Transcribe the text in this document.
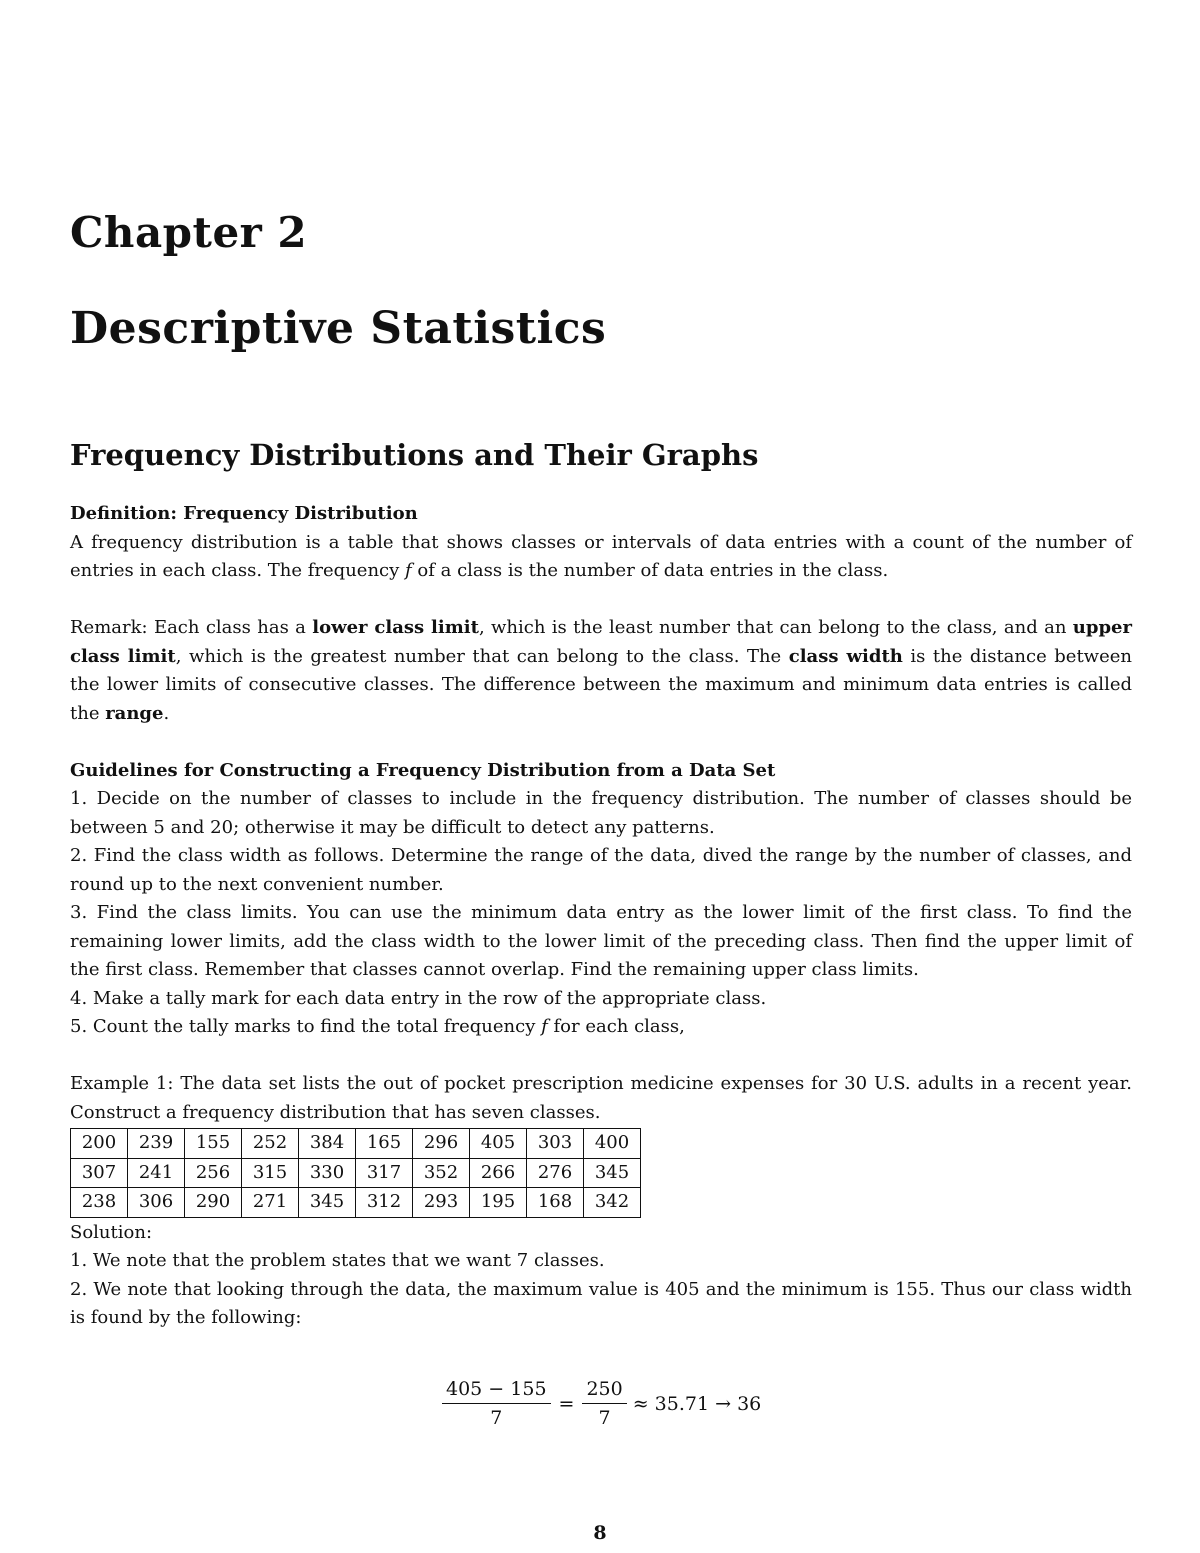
Chapter 2
Descriptive Statistics
Frequency Distributions and Their Graphs

Definition: Frequency Distribution

A frequency distribution is a table that shows classes or intervals of data entries with a count of the number of entries in each class. The frequency f of a class is the number of data entries in the class.

Remark: Each class has a lower class limit, which is the least number that can belong to the class, and an upper class limit, which is the greatest number that can belong to the class. The class width is the distance between the lower limits of consecutive classes. The difference between the maximum and minimum data entries is called the range.

Guidelines for Constructing a Frequency Distribution from a Data Set

1. Decide on the number of classes to include in the frequency distribution. The number of classes should be between 5 and 20; otherwise it may be difficult to detect any patterns.

2. Find the class width as follows. Determine the range of the data, dived the range by the number of classes, and round up to the next convenient number.

3. Find the class limits. You can use the minimum data entry as the lower limit of the first class. To find the remaining lower limits, add the class width to the lower limit of the preceding class. Then find the upper limit of the first class. Remember that classes cannot overlap. Find the remaining upper class limits.

4. Make a tally mark for each data entry in the row of the appropriate class.

5. Count the tally marks to find the total frequency f for each class,

Example 1: The data set lists the out of pocket prescription medicine expenses for 30 U.S. adults in a recent year. Construct a frequency distribution that has seven classes.

200	239	155	252	384	165	296	405	303	400
307	241	256	315	330	317	352	266	276	345
238	306	290	271	345	312	293	195	168	342

Solution:

1. We note that the problem states that we want 7 classes.

2. We note that looking through the data, the maximum value is 405 and the minimum is 155. Thus our class width is found by the following:

$\frac{405 - 155}{7} = \frac{250}{7} \approx 35.71 \to 36$
8
